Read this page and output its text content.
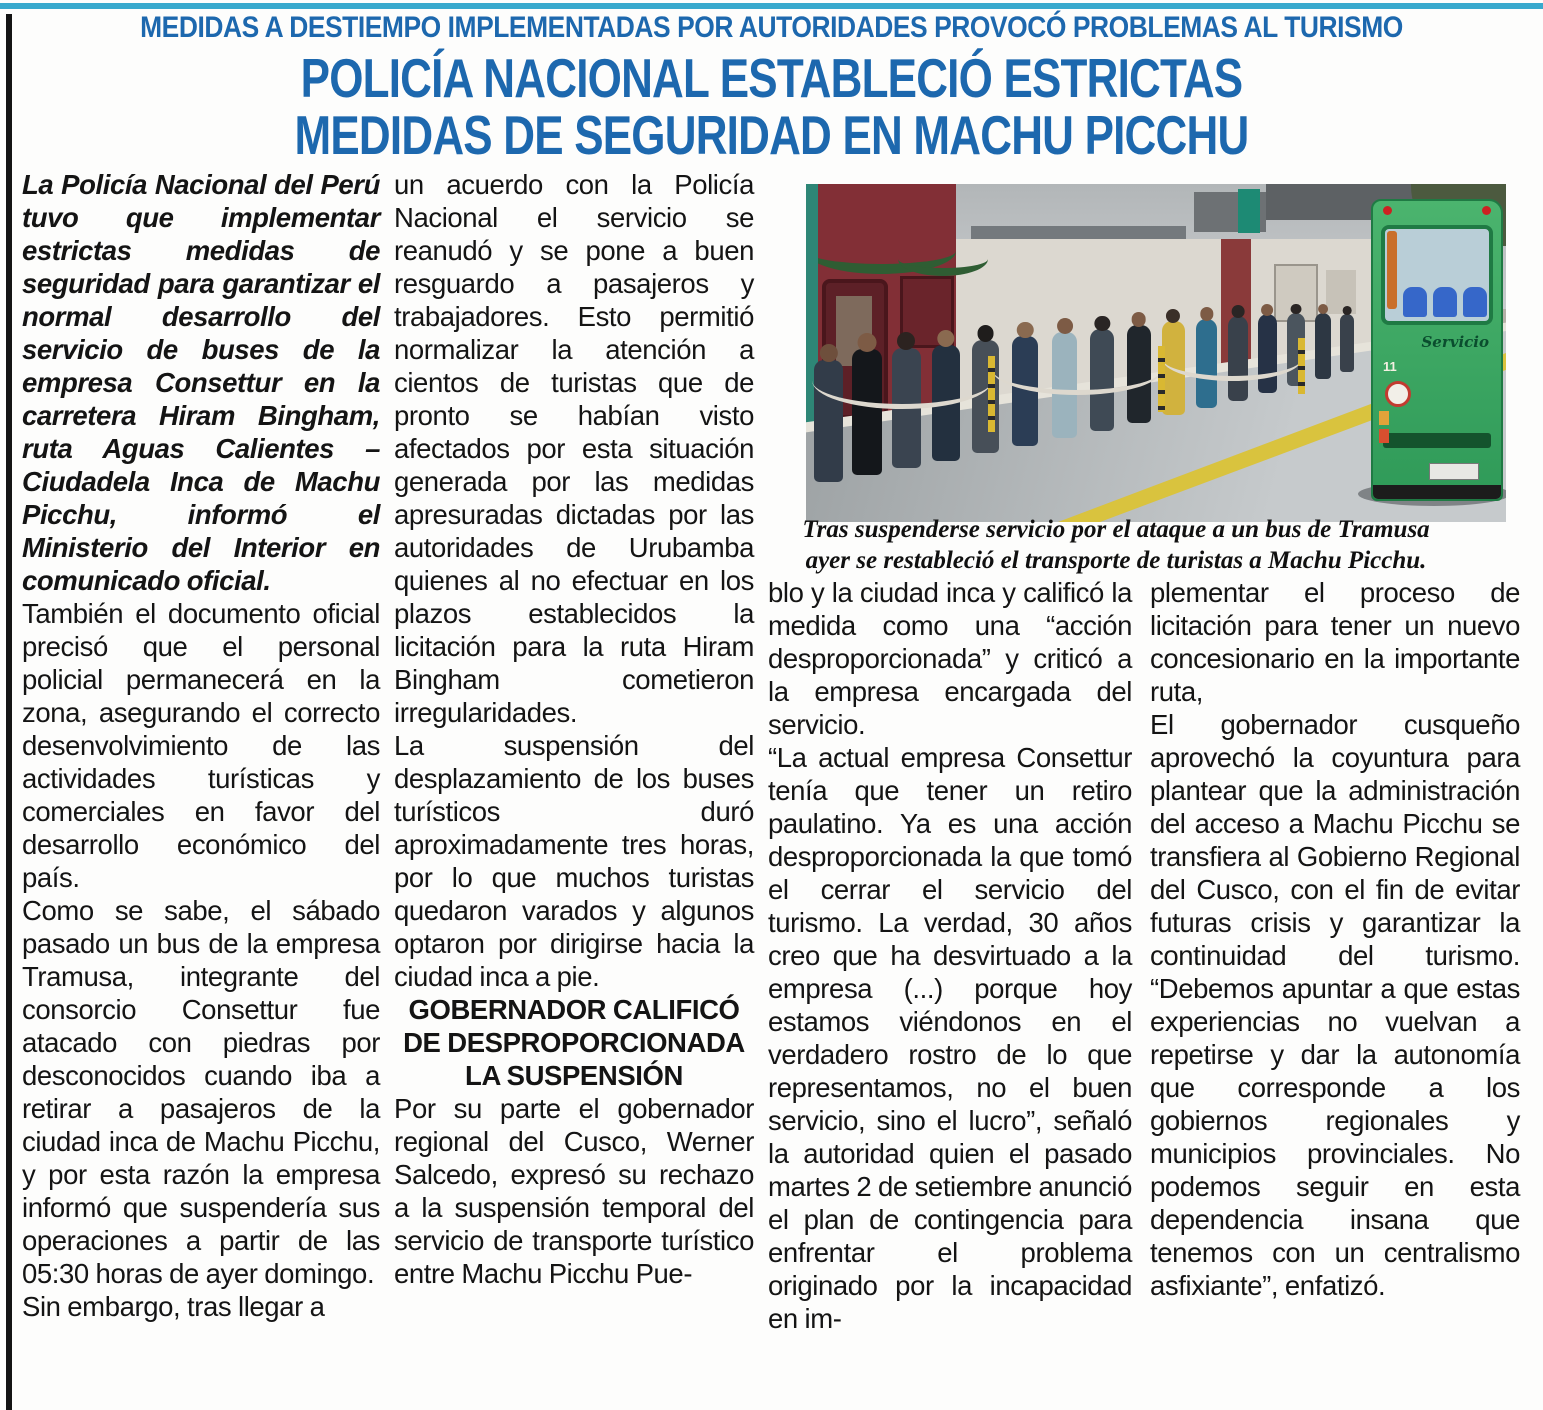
MEDIDAS A DESTIEMPO IMPLEMENTADAS POR AUTORIDADES PROVOCÓ PROBLEMAS AL TURISMO
POLICÍA NACIONAL ESTABLECIÓ ESTRICTAS
MEDIDAS DE SEGURIDAD EN MACHU PICCHU

La Policía Nacional del Perú tuvo que implementar estrictas medidas de seguridad para garantizar el normal desarrollo del servicio de buses de la empresa Consettur en la carretera Hiram Bingham, ruta Aguas Calientes – Ciudadela Inca de Machu Picchu, informó el Ministerio del Interior en comunicado oficial.

También el documento oficial precisó que el personal policial permanecerá en la zona, asegurando el correcto desenvolvimiento de las actividades turísticas y comerciales en favor del desarrollo económico del país.

Como se sabe, el sábado pasado un bus de la empresa Tramusa, integrante del consorcio Consettur fue atacado con piedras por desconocidos cuando iba a retirar a pasajeros de la ciudad inca de Machu Picchu, y por esta razón la empresa informó que suspendería sus operaciones a partir de las 05:30 horas de ayer domingo.

Sin embargo, tras llegar a

un acuerdo con la Policía Nacional el servicio se reanudó y se pone a buen resguardo a pasajeros y trabajadores. Esto permitió normalizar la atención a cientos de turistas que de pronto se habían visto afectados por esta situación generada por las medidas apresuradas dictadas por las autoridades de Urubamba quienes al no efectuar en los plazos establecidos la licitación para la ruta Hiram Bingham cometieron irregularidades.

La suspensión del desplazamiento de los buses turísticos duró aproximadamente tres horas, por lo que muchos turistas quedaron varados y algunos optaron por dirigirse hacia la ciudad inca a pie.

GOBERNADOR CALIFICÓ DE DESPROPORCIONADA LA SUSPENSIÓN

Por su parte el gobernador regional del Cusco, Werner Salcedo, expresó su rechazo a la suspensión temporal del servicio de transporte turístico entre Machu Picchu Pue-

Servicio
11
Tras suspenderse servicio por el ataque a un bus de Tramusa ayer se restableció el transporte de turistas a Machu Picchu.

blo y la ciudad inca y calificó la medida como una “acción desproporcionada” y criticó a la empresa encargada del servicio.

“La actual empresa Consettur tenía que tener un retiro paulatino. Ya es una acción desproporcionada la que tomó el cerrar el servicio del turismo. La verdad, 30 años creo que ha desvirtuado a la empresa (...) porque hoy estamos viéndonos en el verdadero rostro de lo que representamos, no el buen servicio, sino el lucro”, señaló la autoridad quien el pasado martes 2 de setiembre anunció el plan de contingencia para enfrentar el problema originado por la incapacidad en im-

plementar el proceso de licitación para tener un nuevo concesionario en la importante ruta,

El gobernador cusqueño aprovechó la coyuntura para plantear que la administración del acceso a Machu Picchu se transfiera al Gobierno Regional del Cusco, con el fin de evitar futuras crisis y garantizar la continuidad del turismo. “Debemos apuntar a que estas experiencias no vuelvan a repetirse y dar la autonomía que corresponde a los gobiernos regionales y municipios provinciales. No podemos seguir en esta dependencia insana que tenemos con un centralismo asfixiante”, enfatizó.
